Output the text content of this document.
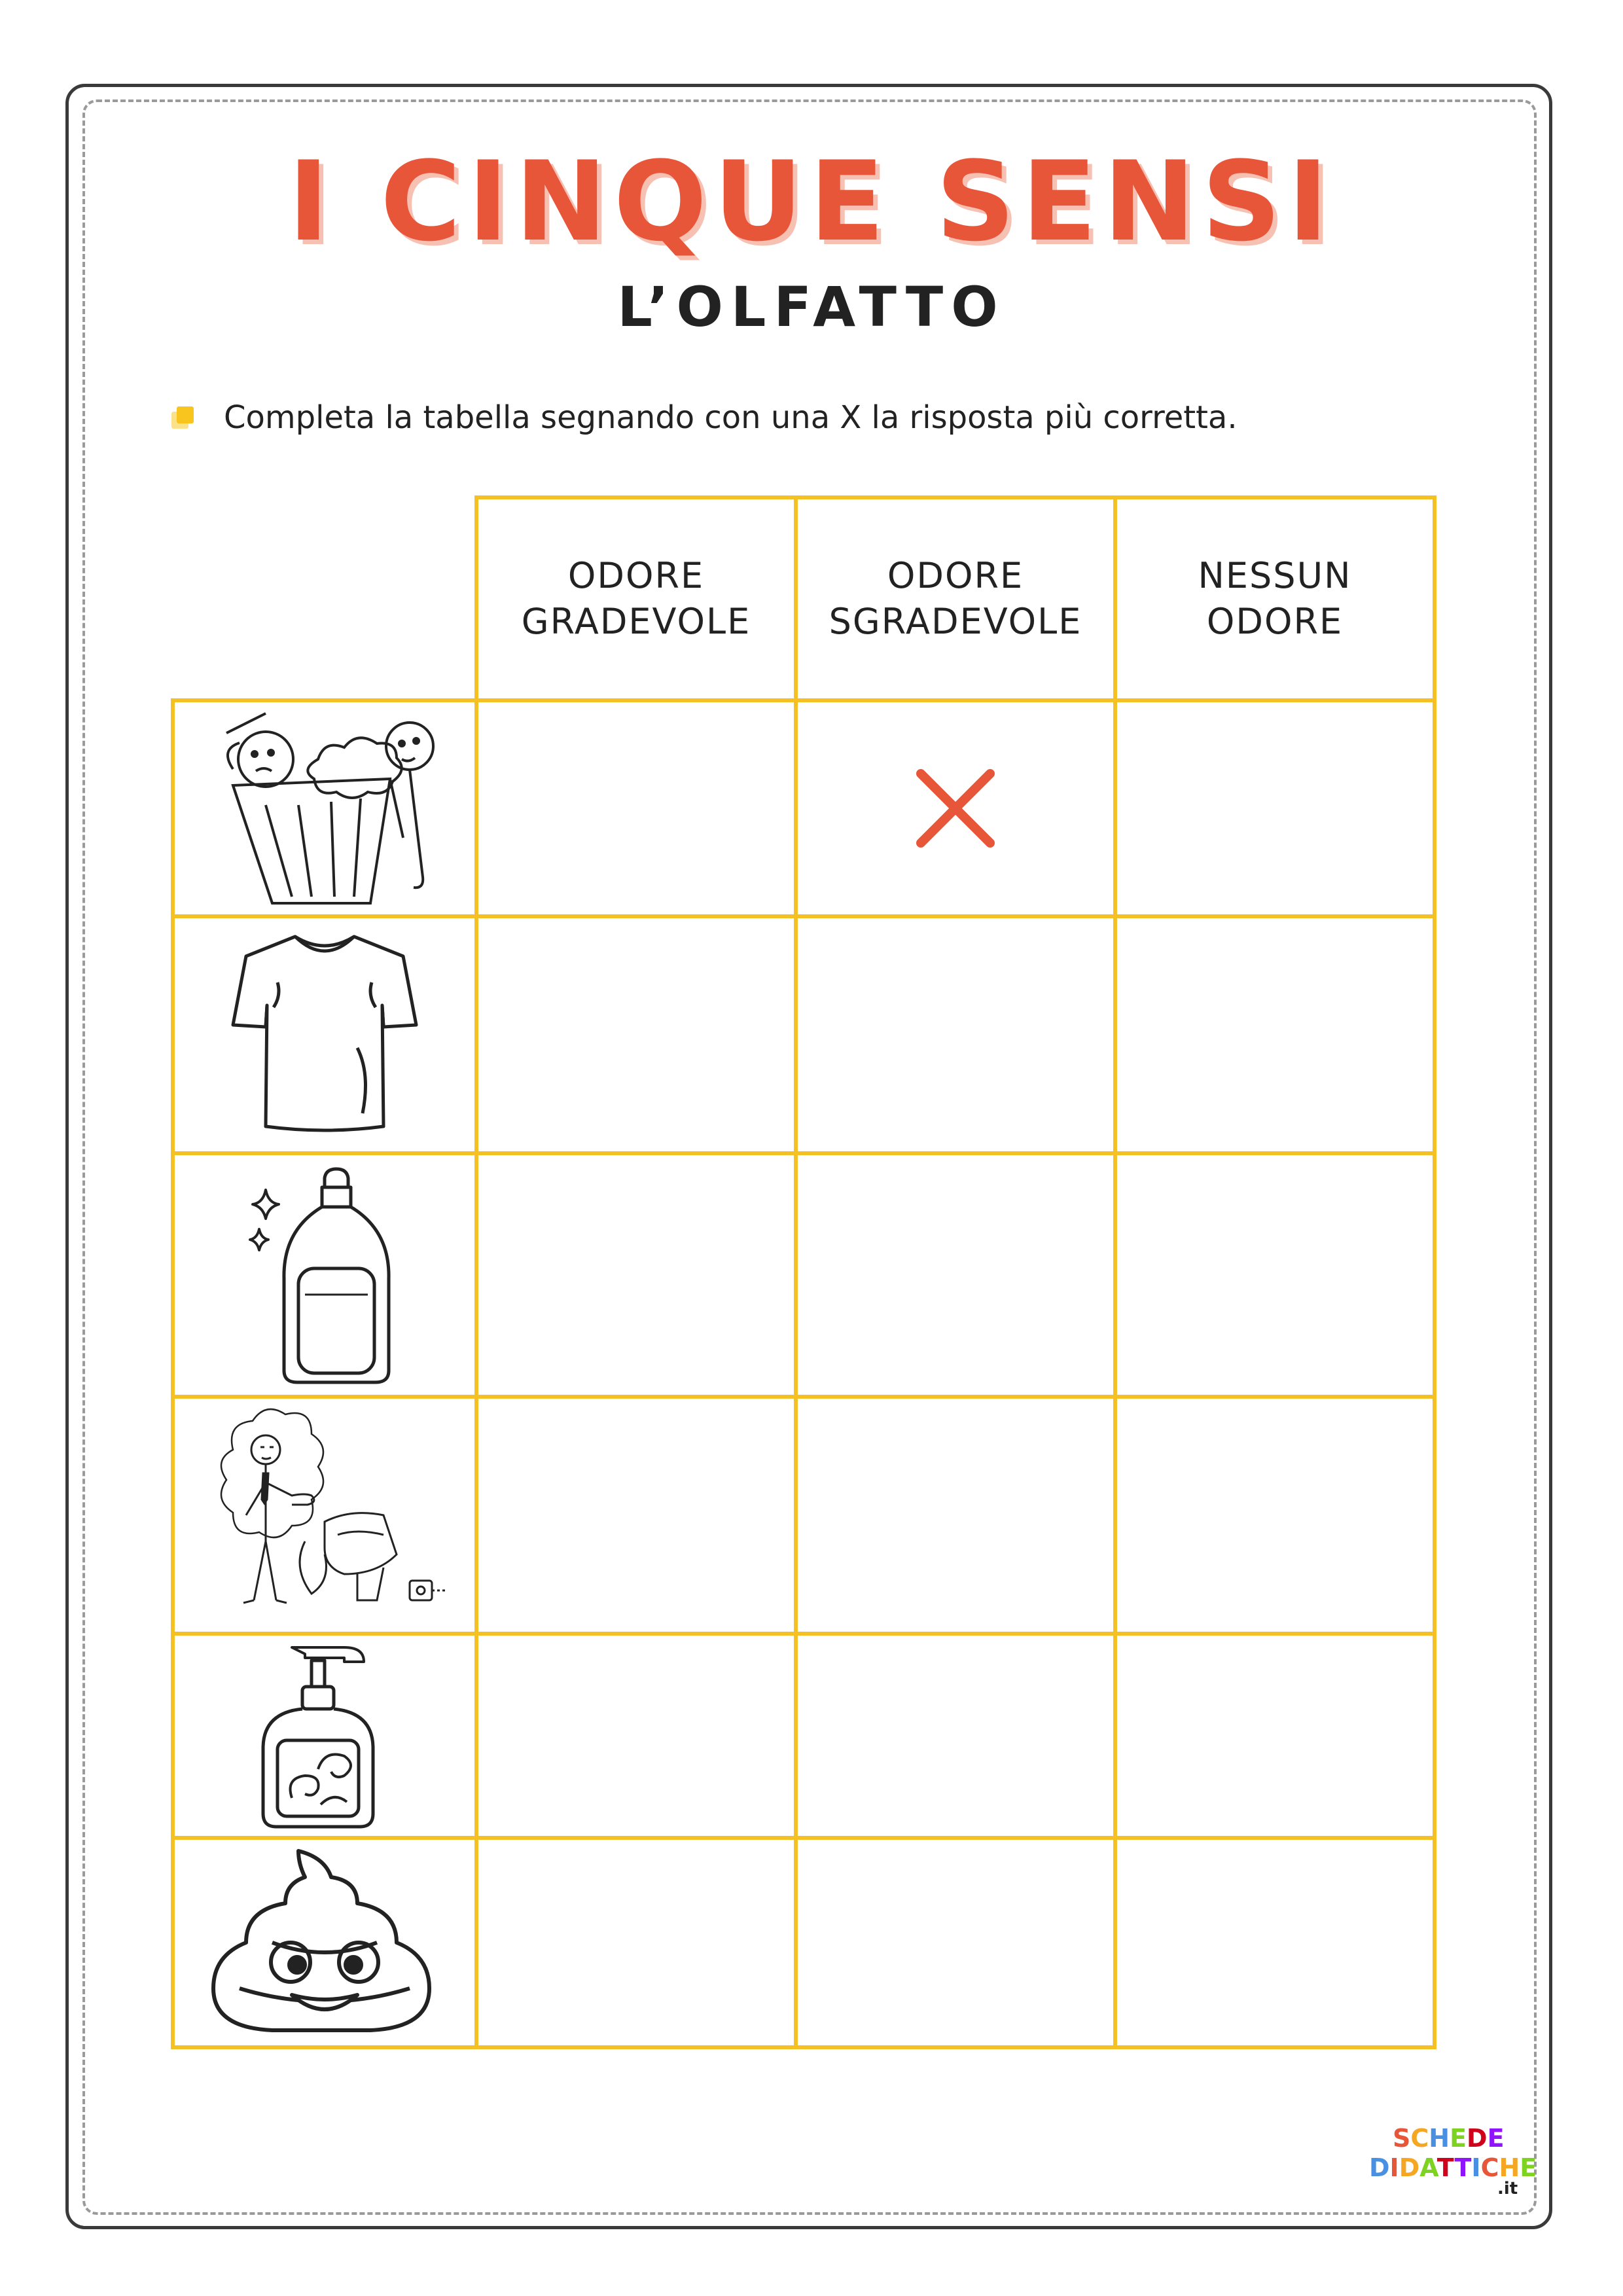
I CINQUE SENSI
L’OLFATTO
Completa la tabella segnando con una X la risposta più corretta.
ODORE
GRADEVOLE
ODORE
SGRADEVOLE
NESSUN
ODORE
SCHEDE
DIDATTICHE
.it
